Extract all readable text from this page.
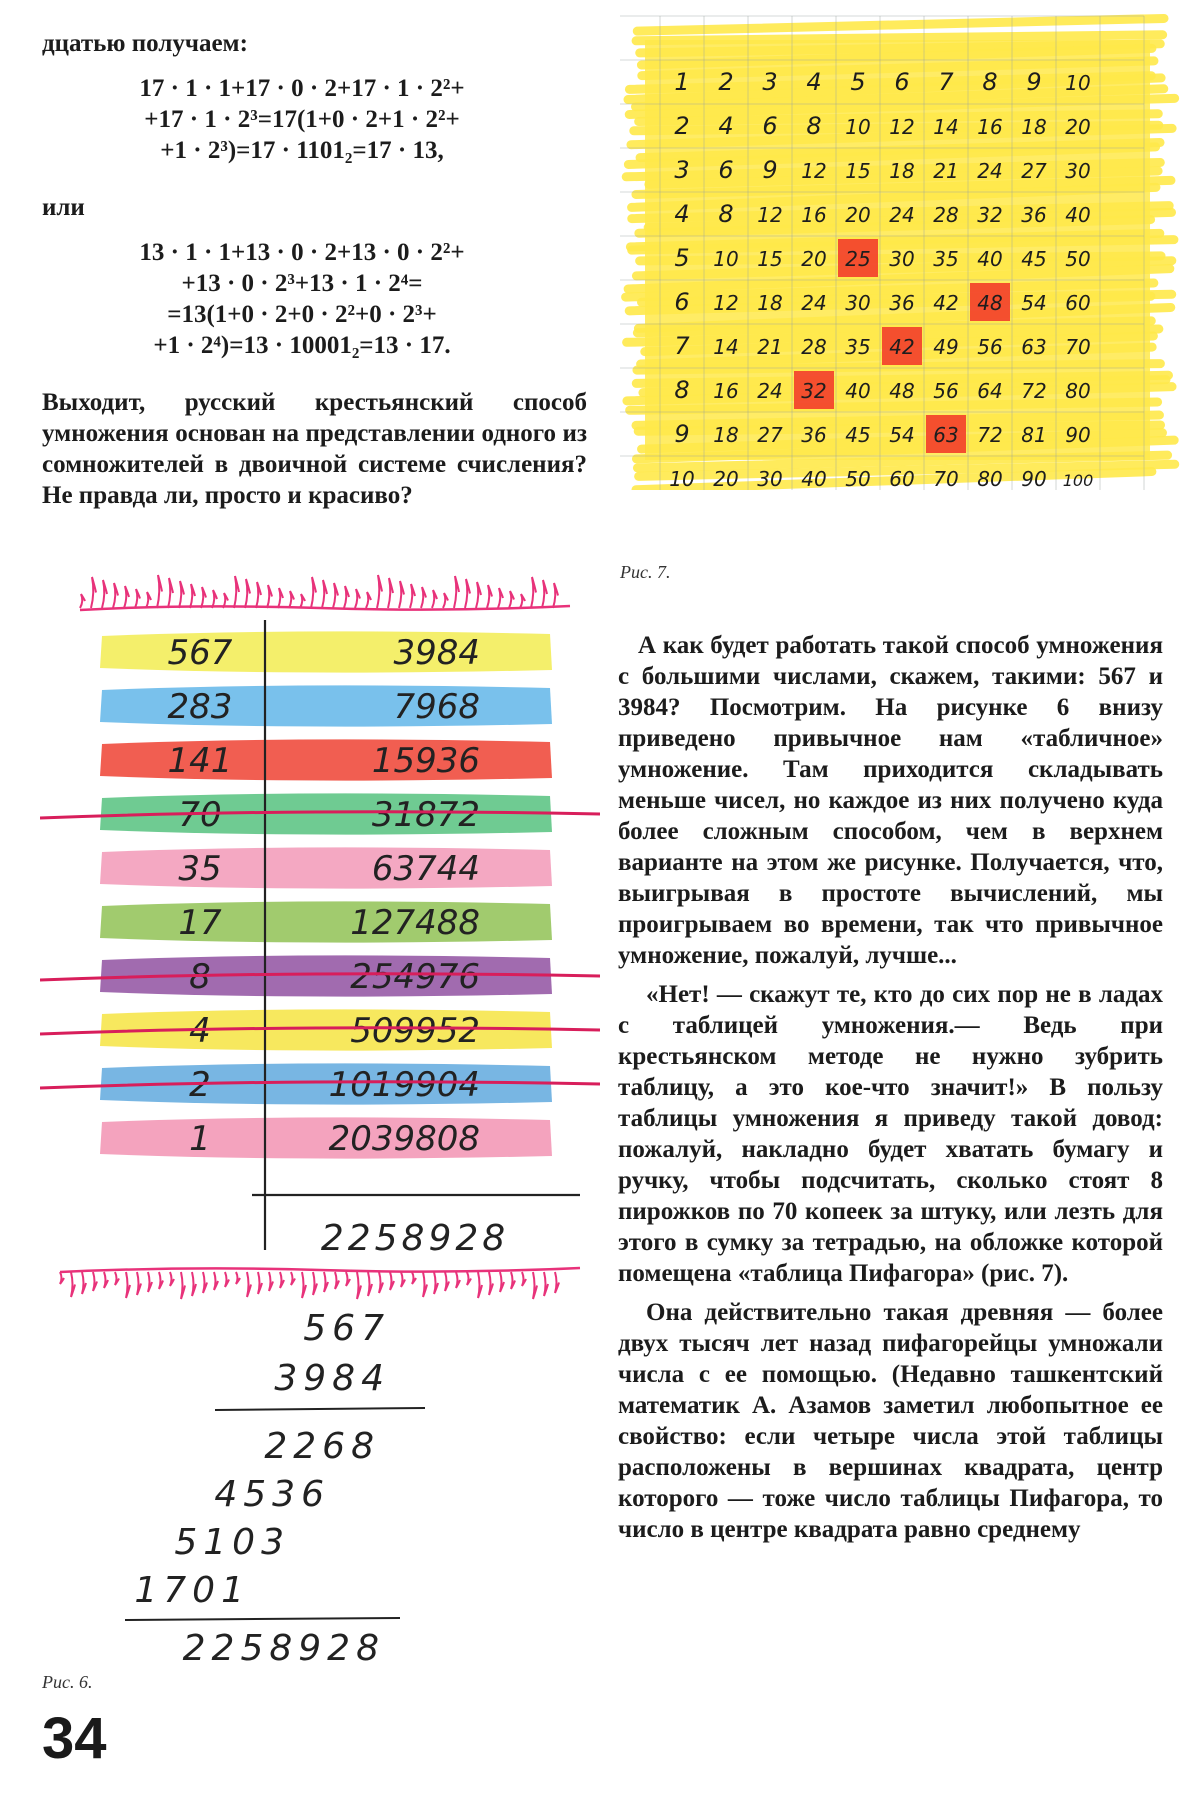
дцатью получаем:

17 · 1 · 1+17 · 0 · 2+17 · 1 · 2²+

+17 · 1 · 2³=17(1+0 · 2+1 · 2²+

+1 · 2³)=17 · 1101₂=17 · 13,

или

13 · 1 · 1+13 · 0 · 2+13 · 0 · 2²+

+13 · 0 · 2³+13 · 1 · 2⁴=

=13(1+0 · 2+0 · 2²+0 · 2³+

+1 · 2⁴)=13 · 10001₂=13 · 17.

Выходит, русский крестьянский способ умножения основан на представлении одного из сомножителей в двоичной системе счисления? Не правда ли, просто и красиво?

1 2 3 4 5 6 7 8 9 10
2 4 6 8 10 12 14 16 18 20
3 6 9 12 15 18 21 24 27 30
4 8 12 16 20 24 28 32 36 40
5 10 15 20 25 30 35 40 45 50
6 12 18 24 30 36 42 48 54 60
7 14 21 28 35 42 49 56 63 70
8 16 24 32 40 48 56 64 72 80
9 18 27 36 45 54 63 72 81 90
10 20 30 40 50 60 70 80 90 100
Рис. 7.
567	3984
283	7968
141	15936
70	31872
35	63744
17	127488
8	254976
4	509952
2	1019904
1	2039808
2258928
567
3984
2268
4536
5103
1701
2258928
Рис. 6.

А как будет работать такой способ умножения с большими числами, скажем, такими: 567 и 3984? Посмотрим. На рисунке 6 внизу приведено привычное нам «табличное» умножение. Там приходится складывать меньше чисел, но каждое из них получено куда более сложным способом, чем в верхнем варианте на этом же рисунке. Получается, что, выигрывая в простоте вычислений, мы проигрываем во времени, так что привычное умножение, пожалуй, лучше...

«Нет! — скажут те, кто до сих пор не в ладах с таблицей умножения.— Ведь при крестьянском методе не нужно зубрить таблицу, а это кое-что значит!» В пользу таблицы умножения я приведу такой довод: пожалуй, накладно будет хватать бумагу и ручку, чтобы подсчитать, сколько стоят 8 пирожков по 70 копеек за штуку, или лезть для этого в сумку за тетрадью, на обложке которой помещена «таблица Пифагора» (рис. 7).

Она действительно такая древняя — более двух тысяч лет назад пифагорейцы умножали числа с ее помощью. (Недавно ташкентский математик А. Азамов заметил любопытное ее свойство: если четыре числа этой таблицы расположены в вершинах квадрата, центр которого — тоже число таблицы Пифагора, то число в центре квадрата равно среднему

34
